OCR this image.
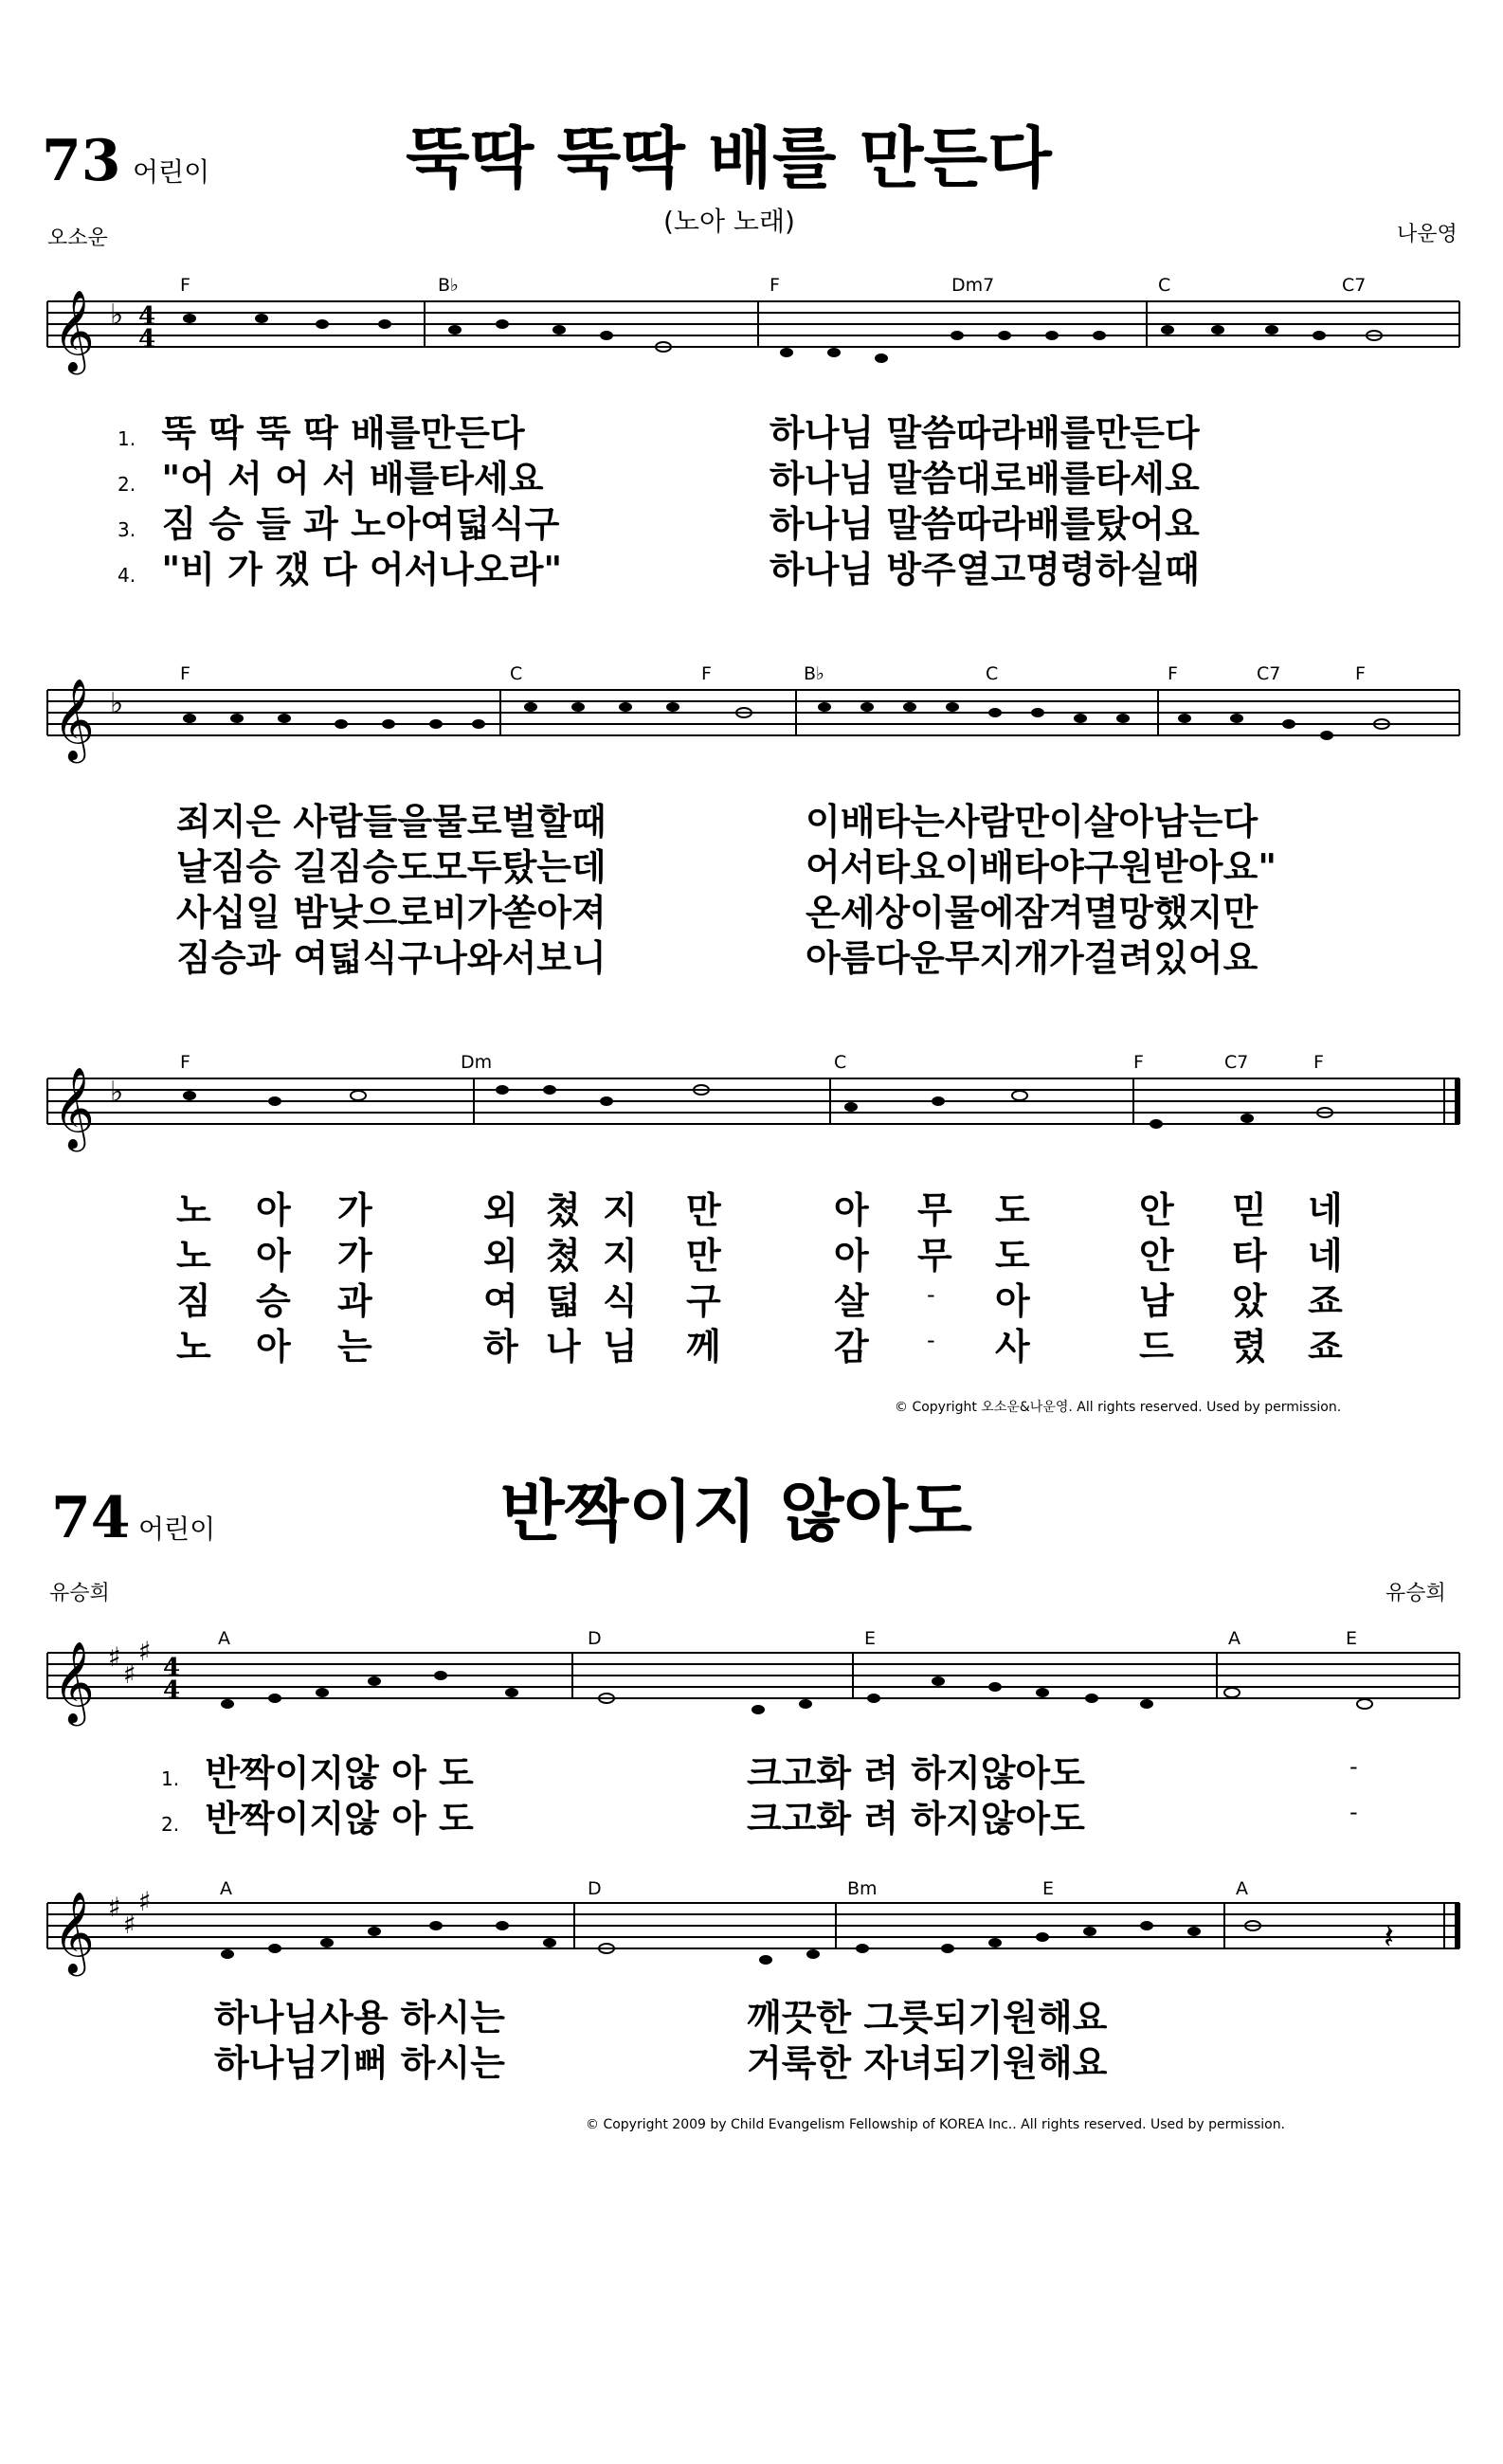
73 어린이	뚝딱 뚝딱 배를 만든다
(노아 노래)
오소운	나운영
𝄞 ♭ 4
4
F	B♭	F	Dm7	C	C7
1. 뚝 딱 뚝 딱 배를만든다	하나님 말씀따라배를만든다
2. "어 서 어 서 배를타세요	하나님 말씀대로배를타세요
3. 짐 승 들 과 노아여덟식구	하나님 말씀따라배를탔어요
4. "비 가 갰 다 어서나오라"	하나님 방주열고명령하실때
𝄞 ♭
F	C	F	B♭	C	F	C7	F
죄지은 사람들을물로벌할때	이배타는사람만이살아남는다
날짐승 길짐승도모두탔는데	어서타요이배타야구원받아요"
사십일 밤낮으로비가쏟아져	온세상이물에잠겨멸망했지만
짐승과 여덟식구나와서보니	아름다운무지개가걸려있어요
𝄞 ♭
F	Dm	C	F	C7	F
노 아 가	외 쳤 지 만	아 무 도	안 믿 네
노 아 가	외 쳤 지 만	아 무 도	안 타 네
짐 승 과	여 덟 식 구	살	- 아	남 았 죠
노 아 는	하 나 님 께	감	- 사	드 렸 죠
© Copyright 오소운&나운영. All rights reserved. Used by permission.
74 어린이	반짝이지 않아도
유승희	유승희
𝄞 ♯
♯
♯
4
4
A	D	E	A	E
1. 반짝이지않 아 도	크고화 려 하지않아도	-
2. 반짝이지않 아 도	크고화 려 하지않아도	-
𝄞 ♯
♯
♯
𝄽
A	D	Bm	E	A
하나님사용 하시는	깨끗한 그릇되기원해요
하나님기뻐 하시는	거룩한 자녀되기원해요
© Copyright 2009 by Child Evangelism Fellowship of KOREA Inc.. All rights reserved. Used by permission.
